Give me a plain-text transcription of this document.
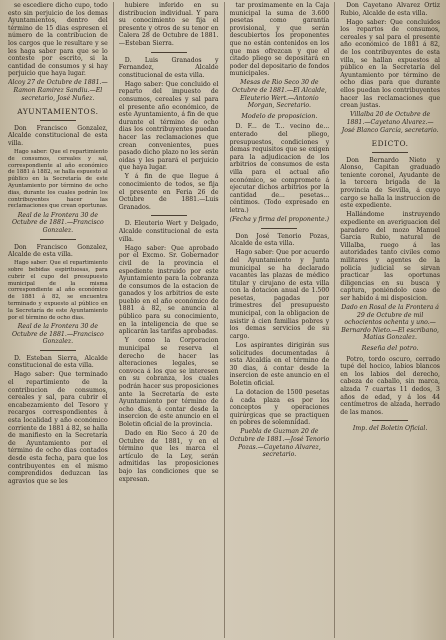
se escediere dicho cupo, todo esto sin perjuicio de los demas Ayuntamientos, dentro del término de 15 dias espresen el número de la contribucion de los cargos que le resultare y se les haga saber para que se lo conteste por escrito, si la cantidad de consumos y si hay perjuicio que haya lugar.

Alcoy 27 de Octubre de 1881.—Ramon Ramirez Sandiu.—El secretario, José Nuñez.

AYUNTAMIENTOS.

Don Francisco Gonzalez, Alcalde constitucional de esta villa.

Hago saber: Que el repartimiento de consumos, cereales y sal, correspondiente al año económico de 1881 á 1882, se halla espuesto al público en la Secretaría de este Ayuntamiento por término de ocho dias, durante los cuales podrán los contribuyentes hacer las reclamaciones que crean oportunas.

Real de la Frontera 30 de Octubre de 1881.—Francisco Gonzalez.

Don Francisco Gonzalez, Alcalde de esta villa.

Hago saber: Que el repartimiento sobre bebidas espirituosas, para cubrir el cupo del presupuesto municipal de la misma correspondiente al año económico de 1881 á 82, se encuentra terminado y expuesto al público en la Secretaría de este Ayuntamiento por el término de ocho dias.

Real de la Frontera 30 de Octubre de 1881.—Francisco Gonzalez.

D. Esteban Sierra, Alcalde constitucional de esta villa.

Hago saber: Que terminado el repartimiento de la contribucion de consumos, cereales y sal, para cubrir el encabezamiento del Tesoro y recargos correspondientes á esta localidad y año económico corriente de 1881 á 82, se halla de manifiesto en la Secretaría de Ayuntamiento por el término de ocho dias contados desde esta fecha, para que los contribuyentes en el mismo comprendidos deduzcan las agravios que se les

hubiere inferido en su distribucion individual. Y para su conocimiento se fija el presente y otros de su tenor en Calera 28 de Octubre de 1881.—Esteban Sierra.

D. Luis Granados y Fernandez, Alcalde constitucional de esta villa.

Hago saber: Que concluido el reparto del impuesto de consumos, cereales y sal para el presente año económico, de este Ayuntamiento, á fin de que durante el término de ocho dias los contribuyentes puedan hacer las reclamaciones que crean convenientes, pues pasado dicho plazo no les serán oidas y les parará el perjuicio que haya lugar.

Y á fin de que llegue á conocimiento de todos, se fija el presente en Feria 26 de Octubre de 1881.—Luis Granados.

D. Eleuterio Wert y Delgado, Alcalde constitucional de esta villa.

Hago saber: Que aprobado por el Excmo. Sr. Gobernador civil de la provincia el espediente instruido por este Ayuntamiento para la cobranza de consumos de la estacion de ganados y los arbitrios de este pueblo en el año económico de 1881 á 82, se anuncia al público para su conocimiento, en la inteligencia de que se aplicarán las tarifas aprobadas.

Y como la Corporacion municipal se reserva el derecho de hacer las alteraciones legales, se convoca á los que se interesen en su cobranza, los cuales podrán hacer sus proposiciones ante la Secretaría de este Ayuntamiento por término de ocho dias, á contar desde la insercion de este anuncio en el Boletin oficial de la provincia.

Dado en Rio Seco á 20 de Octubre de 1881, y en el término que les marca el artículo de la Ley, serán admitidas las proposiciones bajo las condiciones que se expresan.

tar proximamente en la Caja municipal la suma de 3.600 pesetas como garantía provisional, y que serán descubiertos los proponentes que no están contenidos en los que mas ofrezcan y que el citado pliego se depositará en poder del depositario de fondos municipales.

Mesas de Rio Seco 30 de Octubre de 1881.—El Alcalde, Eleuterio Wert.—Antonio Morgan, Secretario.

Modelo de proposicion.

D. F... de T... vecino de... enterado del pliego, presupuestos, condiciones y demas requisitos que se exigen para la adjudicacion de los arbitrios de consumos de esta villa para el actual año económico, se compromete á ejecutar dichos arbitrios por la cantidad de... pesetas... céntimos. (Todo expresado en letra.)

(Fecha y firma del proponente.)

Don José Tenorio Pozas, Alcalde de esta villa.

Hago saber: Que por acuerdo del Ayuntamiento y Junta municipal se ha declarado vacantes las plazas de médico titular y cirujano de esta villa con la dotacion anual de 1.500 pesetas, pagadas por trimestres del presupuesto municipal, con la obligacion de asistir á cien familias pobres y los demas servicios de su cargo.

Los aspirantes dirigirán sus solicitudes documentadas á esta Alcaldía en el término de 30 dias, á contar desde la insercion de este anuncio en el Boletin oficial.

La dotacion de 1500 pesetas á cada plaza es por los conceptos y operaciones quirúrgicas que se practiquen en pobres de solemnidad.

Puebla de Guzman 20 de Octubre de 1881.—José Tenorio Pozas.—Cayetano Alvarez, secretario.

Don Cayetano Alvarez Ortiz Rubio, Alcalde de esta villa.

Hago saber: Que concluidos los repartos de consumos, cereales y sal para el presente año económico de 1881 á 82, de los contribuyentes de esta villa, se hallan expuestos al público en la Secretaría del Ayuntamiento por término de ocho dias para que durante ellos puedan los contribuyentes hacer las reclamaciones que crean justas.

Villalba 20 de Octubre de 1881.—Cayetano Alvarez.—José Blanco García, secretario.

EDICTO.

Don Bernardo Nieto y Alonso, Capitan graduado teniente coronel, Ayudante de la tercera brigada de la provincia de Sevilla, á cuyo cargo se halla la instruccion de este expediente.

Hallándome instruyendo expediente en averiguacion del paradero del mozo Manuel Garcia Rubio, natural de Villalba, ruego á las autoridades tanto civiles como militares y agentes de la policía judicial se sirvan practicar las oportunas diligencias en su busca y captura, poniéndolo caso de ser habido á mi disposicion.

Dado en Rosal de la Frontera á 29 de Octubre de mil ochocientos ochenta y uno.—Bernardo Nieto.—El escribano, Matias Gonzalez.

Reseña del potro.

Potro, tordo oscuro, cerrado tupé del hocico, labios blancos en los labios del derecho, cabeza de caballo, sin marca, alzada 7 cuartas 11 dedos, 3 años de edad, y á los 44 centímetros de alzada, herrado de las manos.

Imp. del Boletin Oficial.
